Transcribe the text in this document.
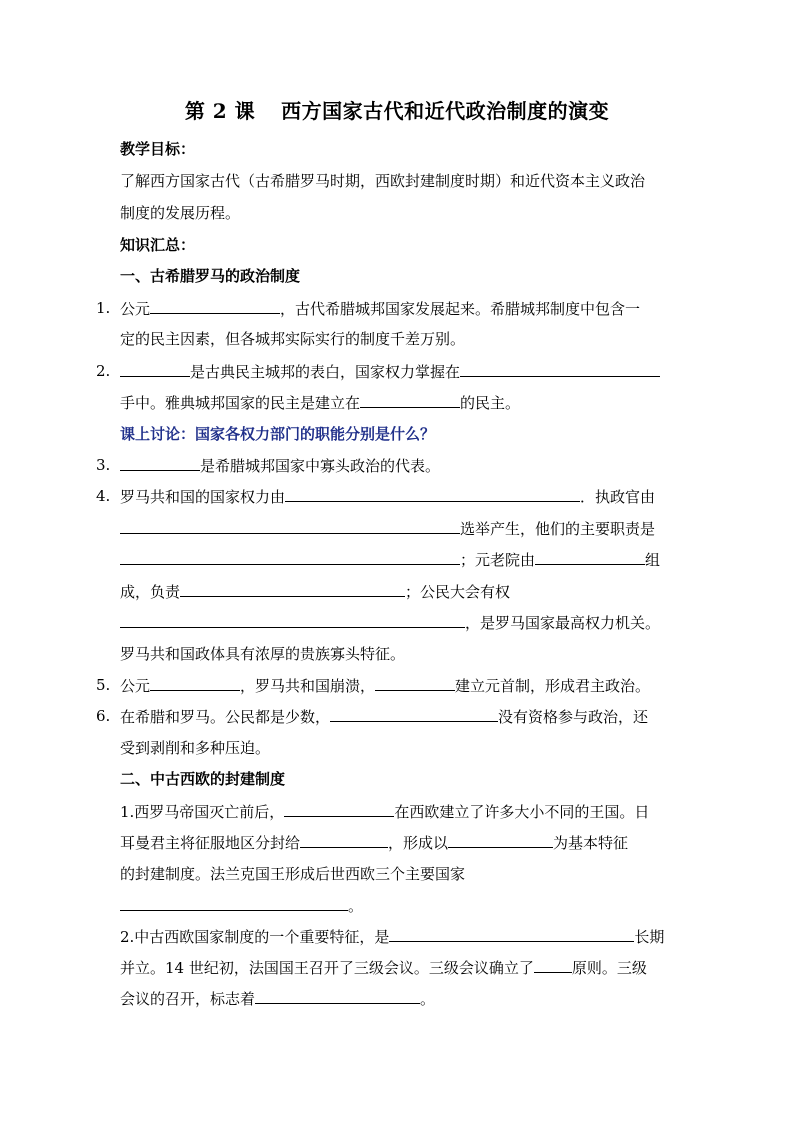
第 2 课 西方国家古代和近代政治制度的演变
教学目标：
了解西方国家古代（古希腊罗马时期，西欧封建制度时期）和近代资本主义政治
制度的发展历程。
知识汇总：
一、古希腊罗马的政治制度
1. 公元	，古代希腊城邦国家发展起来。希腊城邦制度中包含一
定的民主因素，但各城邦实际实行的制度千差万别。
2.	是古典民主城邦的表白，国家权力掌握在
手中。雅典城邦国家的民主是建立在	的民主。
课上讨论：国家各权力部门的职能分别是什么？
3.	是希腊城邦国家中寡头政治的代表。
4. 罗马共和国的国家权力由	．执政官由
选举产生，他们的主要职责是
；元老院由	组
成，负责	；公民大会有权
，是罗马国家最高权力机关。
罗马共和国政体具有浓厚的贵族寡头特征。
5. 公元	，罗马共和国崩溃，	建立元首制，形成君主政治。
6. 在希腊和罗马。公民都是少数，	没有资格参与政治，还
受到剥削和多种压迫。
二、中古西欧的封建制度
1.西罗马帝国灭亡前后，	在西欧建立了许多大小不同的王国。日
耳曼君主将征服地区分封给	，形成以	为基本特征
的封建制度。法兰克国王形成后世西欧三个主要国家
。
2.中古西欧国家制度的一个重要特征，是	长期
并立。14 世纪初，法国国王召开了三级会议。三级会议确立了	原则。三级
会议的召开，标志着	。
